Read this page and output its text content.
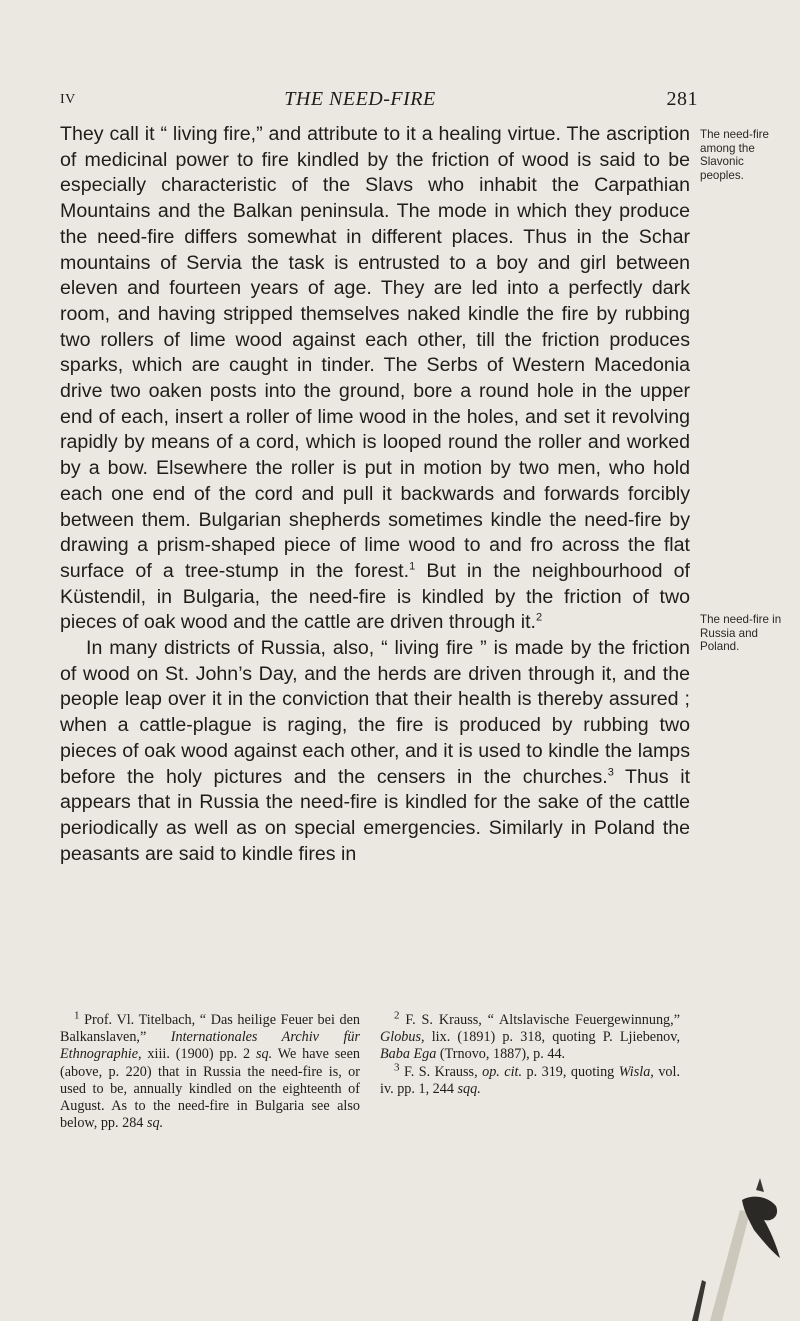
IV	THE NEED-FIRE	281

They call it “ living fire,” and attribute to it a healing virtue. The ascription of medicinal power to fire kindled by the friction of wood is said to be especially characteristic of the Slavs who inhabit the Carpathian Mountains and the Balkan peninsula. The mode in which they produce the need-fire differs somewhat in different places. Thus in the Schar mountains of Servia the task is entrusted to a boy and girl between eleven and fourteen years of age. They are led into a perfectly dark room, and having stripped themselves naked kindle the fire by rubbing two rollers of lime wood against each other, till the friction produces sparks, which are caught in tinder. The Serbs of Western Macedonia drive two oaken posts into the ground, bore a round hole in the upper end of each, insert a roller of lime wood in the holes, and set it revolving rapidly by means of a cord, which is looped round the roller and worked by a bow. Elsewhere the roller is put in motion by two men, who hold each one end of the cord and pull it backwards and forwards forcibly between them. Bulgarian shepherds sometimes kindle the need-fire by drawing a prism-shaped piece of lime wood to and fro across the flat surface of a tree-stump in the forest.$^1$ But in the neighbourhood of Küstendil, in Bulgaria, the need-fire is kindled by the friction of two pieces of oak wood and the cattle are driven through it.$^2$

In many districts of Russia, also, “ living fire ” is made by the friction of wood on St. John’s Day, and the herds are driven through it, and the people leap over it in the conviction that their health is thereby assured ; when a cattle-plague is raging, the fire is produced by rubbing two pieces of oak wood against each other, and it is used to kindle the lamps before the holy pictures and the censers in the churches.$^3$ Thus it appears that in Russia the need-fire is kindled for the sake of the cattle periodically as well as on special emergencies. Similarly in Poland the peasants are said to kindle fires in

The need-fire among the Slavonic peoples.
The need-fire in Russia and Poland.

$^1$ Prof. Vl. Titelbach, “ Das heilige Feuer bei den Balkanslaven,” Internationales Archiv für Ethnographie, xiii. (1900) pp. 2 sq. We have seen (above, p. 220) that in Russia the need-fire is, or used to be, annually kindled on the eighteenth of August. As to the need-fire in Bulgaria see also below, pp. 284 sq.

$^2$ F. S. Krauss, “ Altslavische Feuergewinnung,” Globus, lix. (1891) p. 318, quoting P. Ljiebenov, Baba Ega (Trnovo, 1887), p. 44.

$^3$ F. S. Krauss, op. cit. p. 319, quoting Wisla, vol. iv. pp. 1, 244 sqq.
